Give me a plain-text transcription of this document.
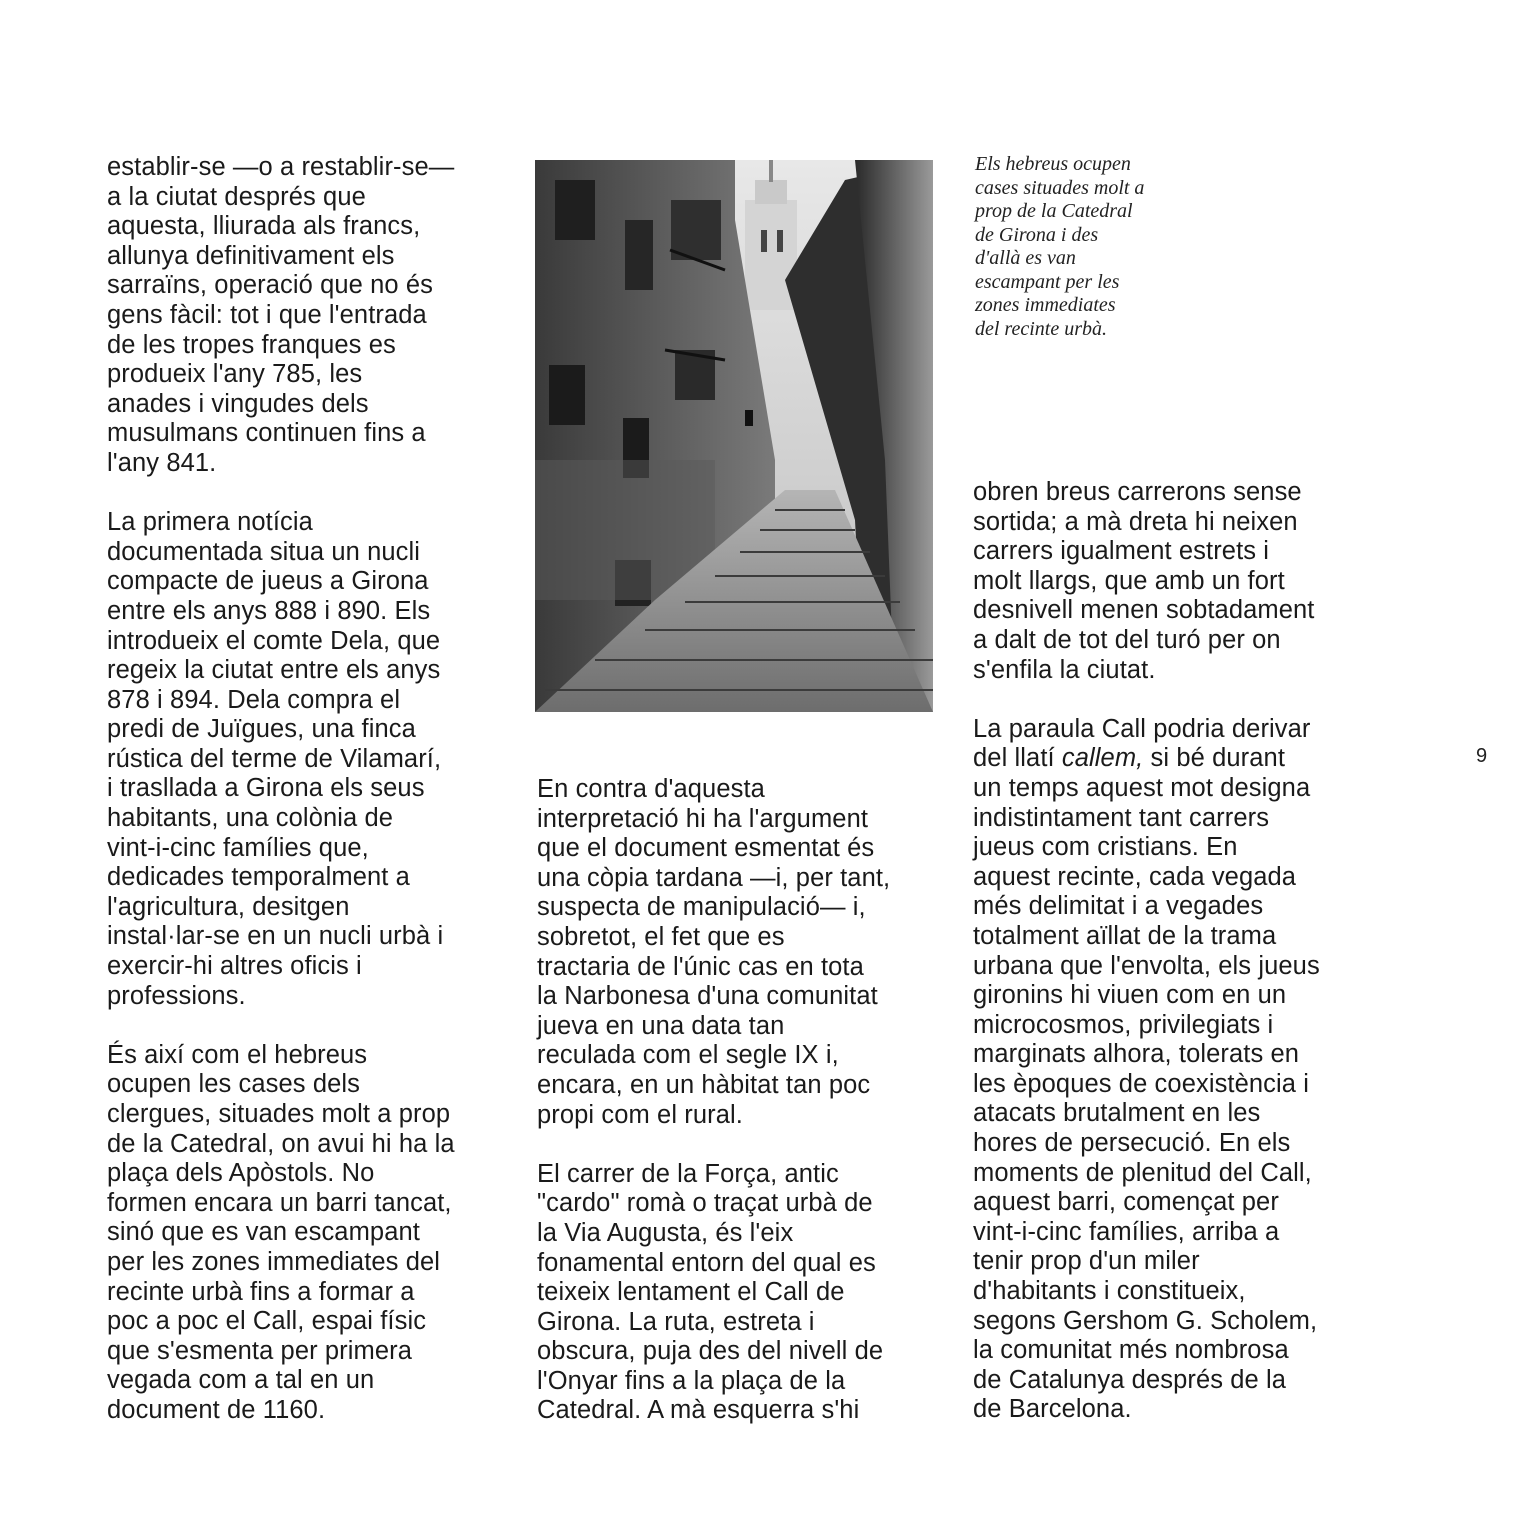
establir-se —o a restablir-se—
a la ciutat després que
aquesta, lliurada als francs,
allunya definitivament els
sarraïns, operació que no és
gens fàcil: tot i que l'entrada
de les tropes franques es
produeix l'any 785, les
anades i vingudes dels
musulmans continuen fins a
l'any 841.

La primera notícia
documentada situa un nucli
compacte de jueus a Girona
entre els anys 888 i 890. Els
introdueix el comte Dela, que
regeix la ciutat entre els anys
878 i 894. Dela compra el
predi de Juïgues, una finca
rústica del terme de Vilamarí,
i trasllada a Girona els seus
habitants, una colònia de
vint-i-cinc famílies que,
dedicades temporalment a
l'agricultura, desitgen
instal·lar-se en un nucli urbà i
exercir-hi altres oficis i
professions.

És així com el hebreus
ocupen les cases dels
clergues, situades molt a prop
de la Catedral, on avui hi ha la
plaça dels Apòstols. No
formen encara un barri tancat,
sinó que es van escampant
per les zones immediates del
recinte urbà fins a formar a
poc a poc el Call, espai físic
que s'esmenta per primera
vegada com a tal en un
document de 1160.

Els hebreus ocupen
cases situades molt a
prop de la Catedral
de Girona i des
d'allà es van
escampant per les
zones immediates
del recinte urbà.

En contra d'aquesta
interpretació hi ha l'argument
que el document esmentat és
una còpia tardana —i, per tant,
suspecta de manipulació— i,
sobretot, el fet que es
tractaria de l'únic cas en tota
la Narbonesa d'una comunitat
jueva en una data tan
reculada com el segle IX i,
encara, en un hàbitat tan poc
propi com el rural.

El carrer de la Força, antic
"cardo" romà o traçat urbà de
la Via Augusta, és l'eix
fonamental entorn del qual es
teixeix lentament el Call de
Girona. La ruta, estreta i
obscura, puja des del nivell de
l'Onyar fins a la plaça de la
Catedral. A mà esquerra s'hi

obren breus carrerons sense
sortida; a mà dreta hi neixen
carrers igualment estrets i
molt llargs, que amb un fort
desnivell menen sobtadament
a dalt de tot del turó per on
s'enfila la ciutat.

La paraula Call podria derivar
del llatí callem, si bé durant
un temps aquest mot designa
indistintament tant carrers
jueus com cristians. En
aquest recinte, cada vegada
més delimitat i a vegades
totalment aïllat de la trama
urbana que l'envolta, els jueus
gironins hi viuen com en un
microcosmos, privilegiats i
marginats alhora, tolerats en
les èpoques de coexistència i
atacats brutalment en les
hores de persecució. En els
moments de plenitud del Call,
aquest barri, començat per
vint-i-cinc famílies, arriba a
tenir prop d'un miler
d'habitants i constitueix,
segons Gershom G. Scholem,
la comunitat més nombrosa
de Catalunya després de la
de Barcelona.

9
